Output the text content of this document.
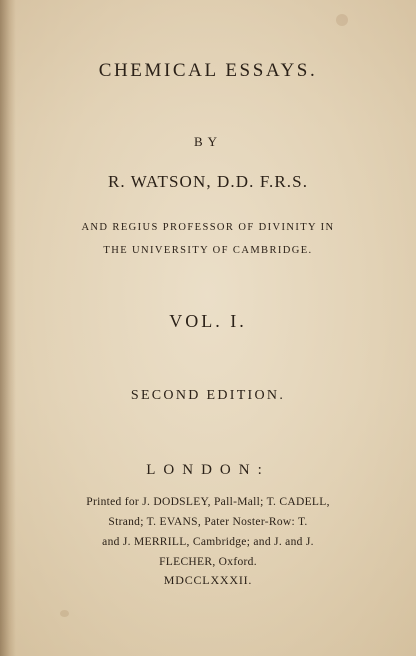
CHEMICAL ESSAYS.
BY
R. WATSON, D.D. F.R.S.
AND REGIUS PROFESSOR OF DIVINITY IN
THE UNIVERSITY OF CAMBRIDGE.
VOL. I.
SECOND EDITION.
LONDON:
Printed for J. DODSLEY, Pall-Mall; T. CADELL,
Strand; T. EVANS, Pater Noster-Row: T.
and J. MERRILL, Cambridge; and J. and J.
FLECHER, Oxford.
MDCCLXXXII.
